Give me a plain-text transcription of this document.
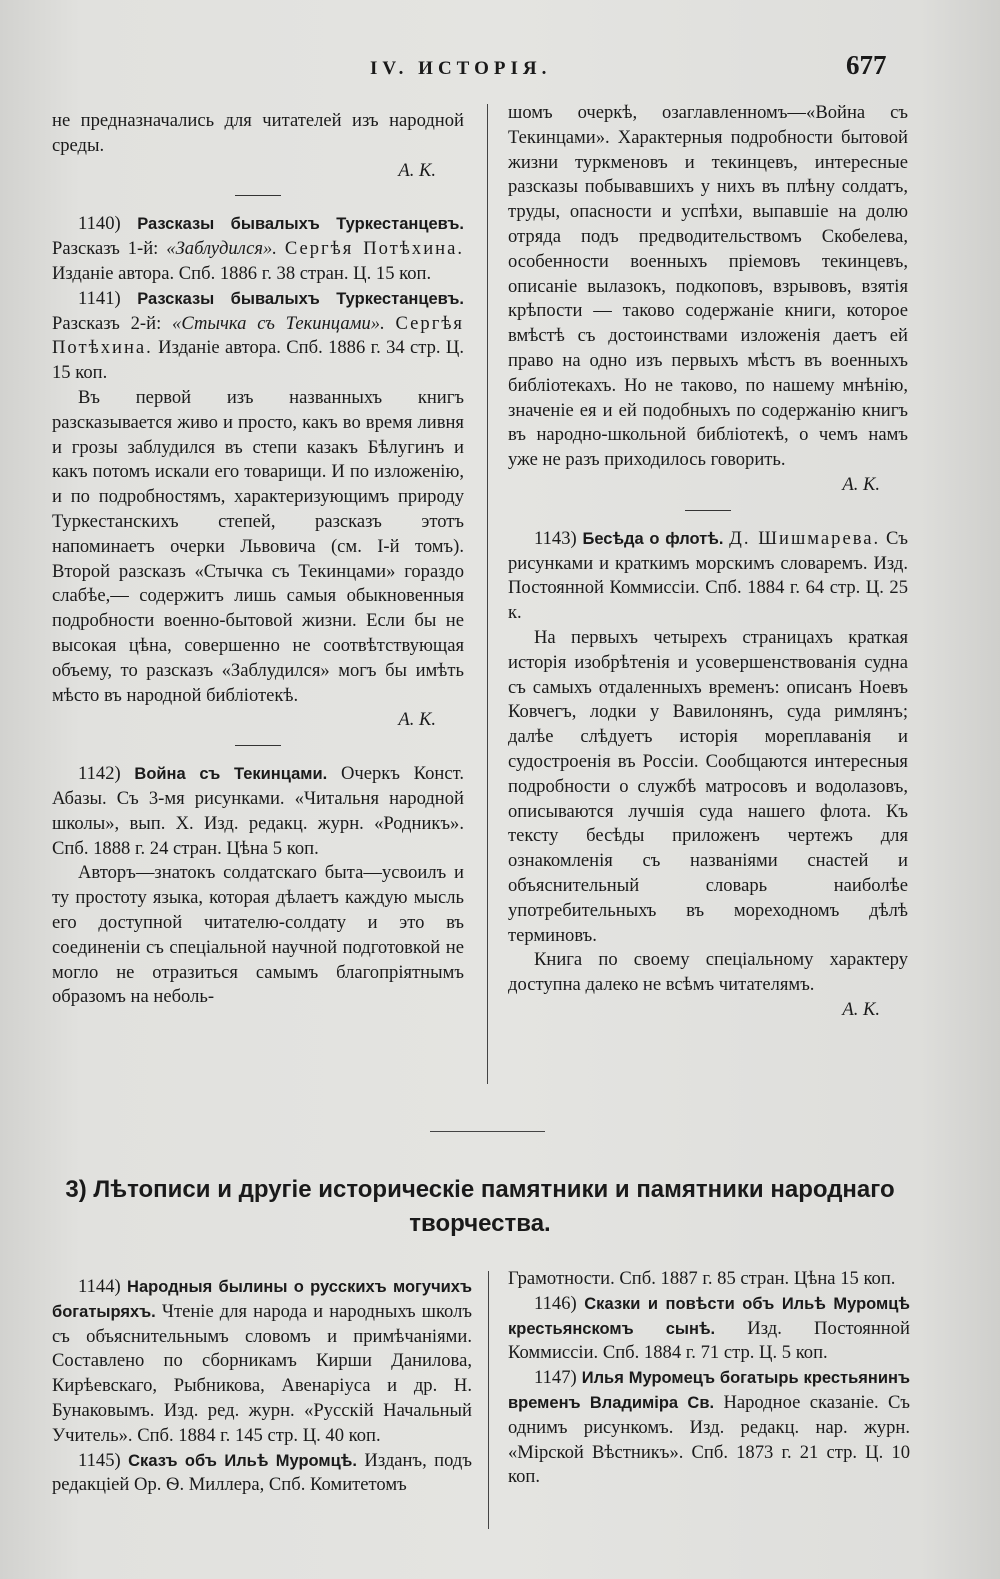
IV. ИСТОРІЯ.	677

не предназначались для читателей изъ народной среды.

А. К.

1140) Разсказы бывалыхъ Туркестанцевъ. Разсказъ 1-й: «Заблудился». Сергѣя Потѣхина. Изданіе автора. Спб. 1886 г. 38 стран. Ц. 15 коп.

1141) Разсказы бывалыхъ Туркестанцевъ. Разсказъ 2-й: «Стычка съ Текинцами». Сергѣя Потѣхина. Изданіе автора. Спб. 1886 г. 34 стр. Ц. 15 коп.

Въ первой изъ названныхъ книгъ разсказывается живо и просто, какъ во время ливня и грозы заблудился въ степи казакъ Бѣлугинъ и какъ потомъ искали его товарищи. И по изложенію, и по подробностямъ, характеризующимъ природу Туркестанскихъ степей, разсказъ этотъ напоминаетъ очерки Львовича (см. I-й томъ). Второй разсказъ «Стычка съ Текинцами» гораздо слабѣе,— содержитъ лишь самыя обыкновенныя подробности военно-бытовой жизни. Если бы не высокая цѣна, совершенно не соотвѣтствующая объему, то разсказъ «Заблудился» могъ бы имѣть мѣсто въ народной библіотекѣ.

А. К.

1142) Война съ Текинцами. Очеркъ Конст. Абазы. Съ 3-мя рисунками. «Читальня народной школы», вып. X. Изд. редакц. журн. «Родникъ». Спб. 1888 г. 24 стран. Цѣна 5 коп.

Авторъ—знатокъ солдатскаго быта—усвоилъ и ту простоту языка, которая дѣлаетъ каждую мысль его доступной читателю-солдату и это въ соединеніи съ спеціальной научной подготовкой не могло не отразиться самымъ благопріятнымъ образомъ на неболь-

шомъ очеркѣ, озаглавленномъ—«Война съ Текинцами». Характерныя подробности бытовой жизни туркменовъ и текинцевъ, интересные разсказы побывавшихъ у нихъ въ плѣну солдатъ, труды, опасности и успѣхи, выпавшіе на долю отряда подъ предводительствомъ Скобелева, особенности военныхъ пріемовъ текинцевъ, описаніе вылазокъ, подкоповъ, взрывовъ, взятія крѣпости — таково содержаніе книги, которое вмѣстѣ съ достоинствами изложенія даетъ ей право на одно изъ первыхъ мѣстъ въ военныхъ библіотекахъ. Но не таково, по нашему мнѣнію, значеніе ея и ей подобныхъ по содержанію книгъ въ народно-школьной библіотекѣ, о чемъ намъ уже не разъ приходилось говорить.

А. К.

1143) Бесѣда о флотѣ. Д. Шишмарева. Съ рисунками и краткимъ морскимъ словаремъ. Изд. Постоянной Коммиссіи. Спб. 1884 г. 64 стр. Ц. 25 к.

На первыхъ четырехъ страницахъ краткая исторія изобрѣтенія и усовершенствованія судна съ самыхъ отдаленныхъ временъ: описанъ Ноевъ Ковчегъ, лодки у Вавилонянъ, суда римлянъ; далѣе слѣдуетъ исторія мореплаванія и судостроенія въ Россіи. Сообщаются интересныя подробности о службѣ матросовъ и водолазовъ, описываются лучшія суда нашего флота. Къ тексту бесѣды приложенъ чертежъ для ознакомленія съ названіями снастей и объяснительный словарь наиболѣе употребительныхъ въ мореходномъ дѣлѣ терминовъ.

Книга по своему спеціальному характеру доступна далеко не всѣмъ читателямъ.

А. К.

3) Лѣтописи и другіе историческіе памятники и памятники народнаго творчества.

1144) Народныя былины о русскихъ могучихъ богатыряхъ. Чтеніе для народа и народныхъ школъ съ объяснительнымъ словомъ и примѣчаніями. Составлено по сборникамъ Кирши Данилова, Кирѣевскаго, Рыбникова, Авенаріуса и др. Н. Бунаковымъ. Изд. ред. журн. «Русскій Начальный Учитель». Спб. 1884 г. 145 стр. Ц. 40 коп.

1145) Сказъ объ Ильѣ Муромцѣ. Изданъ, подъ редакціей Ор. Ѳ. Миллера, Спб. Комитетомъ

Грамотности. Спб. 1887 г. 85 стран. Цѣна 15 коп.

1146) Сказки и повѣсти объ Ильѣ Муромцѣ крестьянскомъ сынѣ. Изд. Постоянной Коммиссіи. Спб. 1884 г. 71 стр. Ц. 5 коп.

1147) Илья Муромецъ богатырь крестьянинъ временъ Владиміра Св. Народное сказаніе. Съ однимъ рисункомъ. Изд. редакц. нар. журн. «Мірской Вѣстникъ». Спб. 1873 г. 21 стр. Ц. 10 коп.
